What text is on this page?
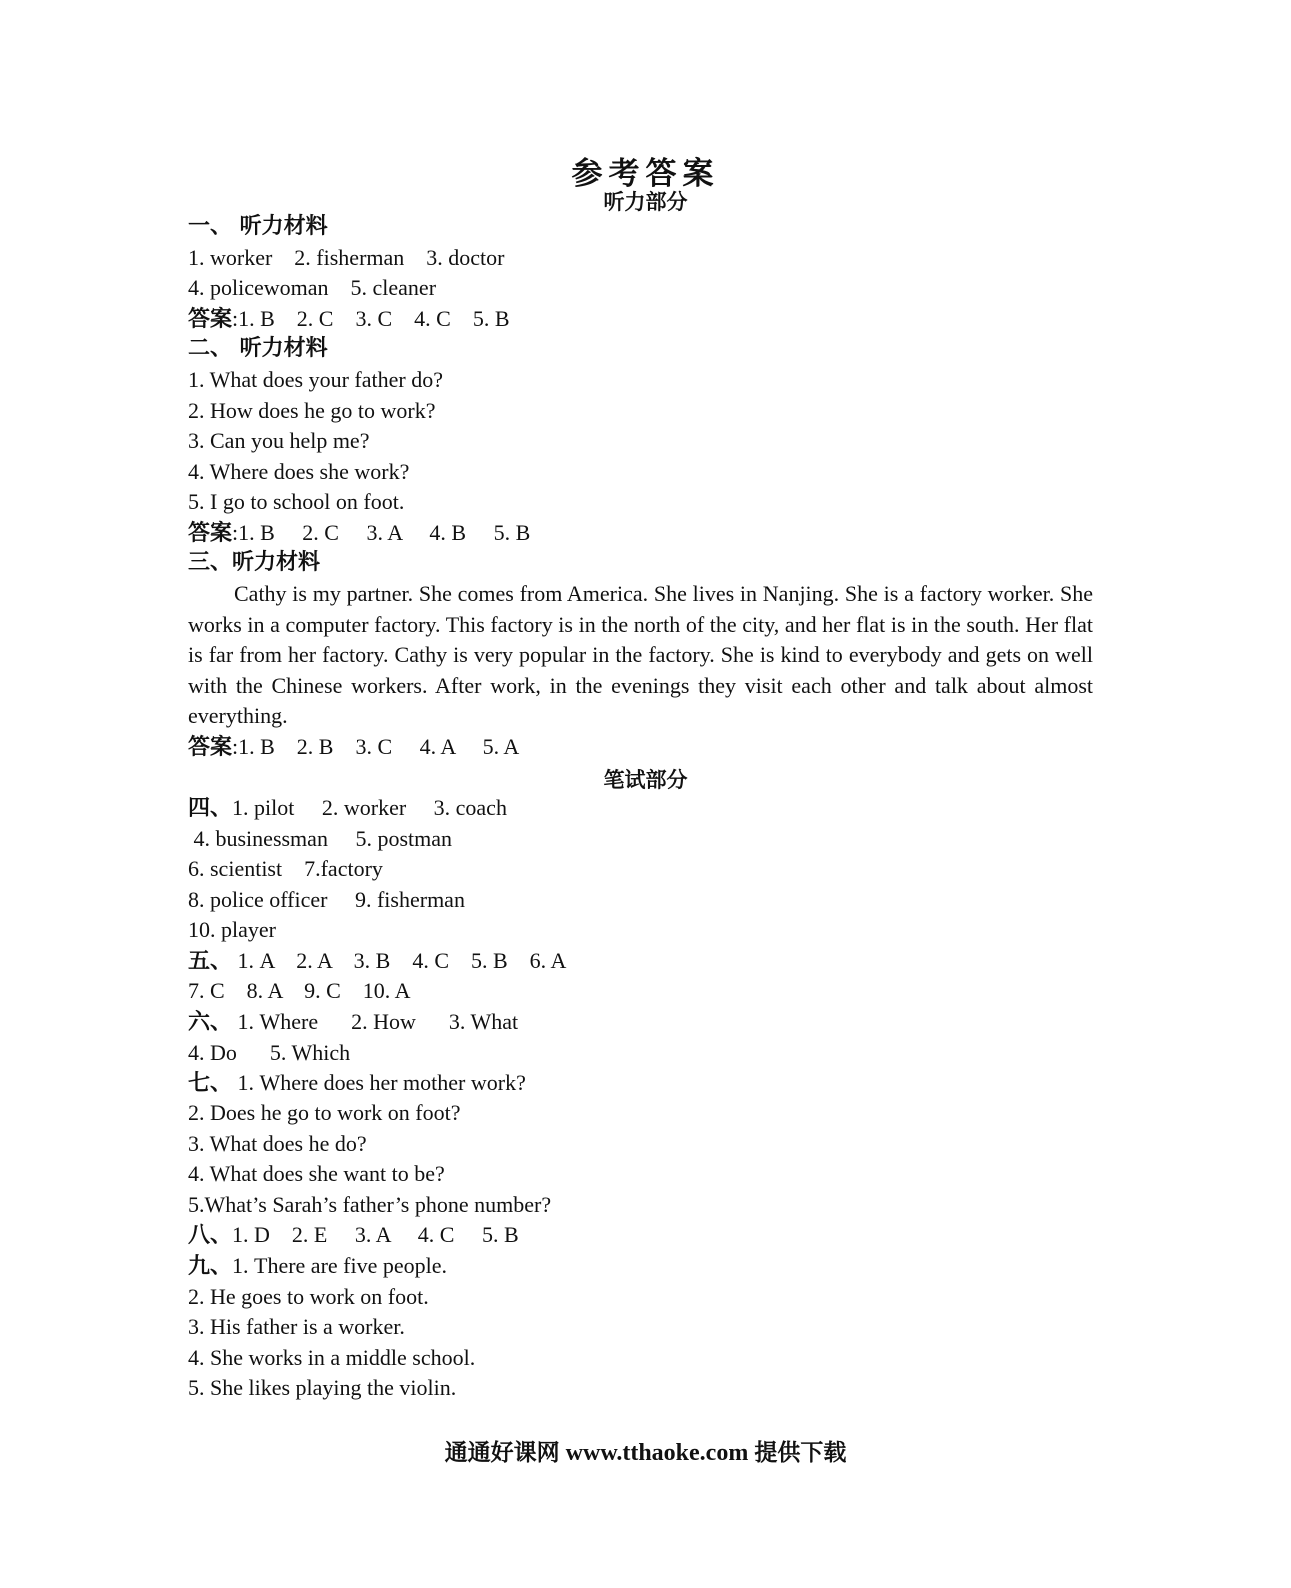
参考答案
听力部分
一、 听力材料
1. worker    2. fisherman    3. doctor
4. policewoman    5. cleaner
答案:1. B    2. C    3. C    4. C    5. B
二、 听力材料
1. What does your father do?
2. How does he go to work?
3. Can you help me?
4. Where does she work?
5. I go to school on foot.
答案:1. B     2. C     3. A     4. B     5. B
三、听力材料
Cathy is my partner. She comes from America. She lives in Nanjing. She is a factory worker. She works in a computer factory. This factory is in the north of the city, and her flat is in the south. Her flat is far from her factory. Cathy is very popular in the factory. She is kind to everybody and gets on well with the Chinese workers. After work, in the evenings they visit each other and talk about almost everything.
答案:1. B    2. B    3. C     4. A     5. A
笔试部分
四、1. pilot     2. worker     3. coach
4. businessman     5. postman
6. scientist    7.factory
8. police officer     9. fisherman
10. player
五、 1. A    2. A    3. B    4. C    5. B    6. A
7. C    8. A    9. C    10. A
六、 1. Where      2. How      3. What
4. Do      5. Which
七、 1. Where does her mother work?
2. Does he go to work on foot?
3. What does he do?
4. What does she want to be?
5.What’s Sarah’s father’s phone number?
八、1. D    2. E     3. A     4. C     5. B
九、1. There are five people.
2. He goes to work on foot.
3. His father is a worker.
4. She works in a middle school.
5. She likes playing the violin.
通通好课网 www.tthaoke.com 提供下载
